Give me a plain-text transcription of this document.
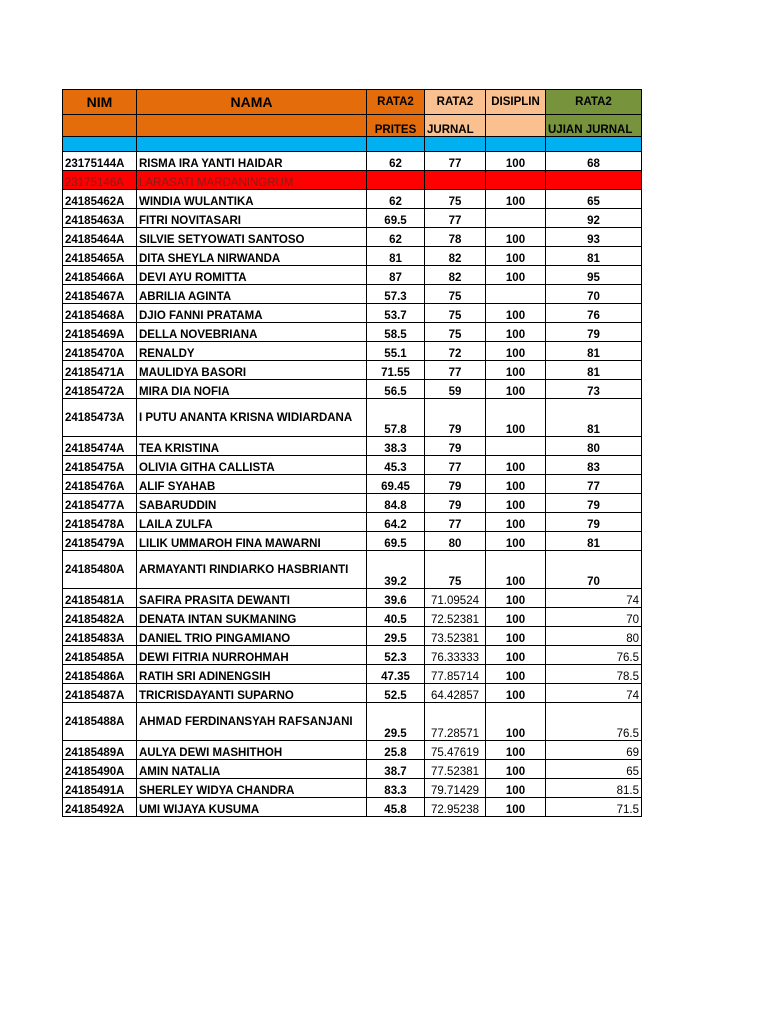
NIM	NAMA	RATA2	RATA2	DISIPLIN	RATA2
		PRITES	JURNAL		UJIAN JURNAL

23175144A	RISMA IRA YANTI HAIDAR	62	77	100	68
23175146A	LARASATI MARDANINGRUM				
24185462A	WINDIA WULANTIKA	62	75	100	65
24185463A	FITRI NOVITASARI	69.5	77		92
24185464A	SILVIE SETYOWATI SANTOSO	62	78	100	93
24185465A	DITA SHEYLA NIRWANDA	81	82	100	81
24185466A	DEVI AYU ROMITTA	87	82	100	95
24185467A	ABRILIA AGINTA	57.3	75		70
24185468A	DJIO FANNI PRATAMA	53.7	75	100	76
24185469A	DELLA NOVEBRIANA	58.5	75	100	79
24185470A	RENALDY	55.1	72	100	81
24185471A	MAULIDYA BASORI	71.55	77	100	81
24185472A	MIRA DIA NOFIA	56.5	59	100	73
24185473A	I PUTU ANANTA KRISNA WIDIARDANA	57.8	79	100	81
24185474A	TEA KRISTINA	38.3	79		80
24185475A	OLIVIA GITHA CALLISTA	45.3	77	100	83
24185476A	ALIF SYAHAB	69.45	79	100	77
24185477A	SABARUDDIN	84.8	79	100	79
24185478A	LAILA ZULFA	64.2	77	100	79
24185479A	LILIK UMMAROH FINA MAWARNI	69.5	80	100	81
24185480A	ARMAYANTI RINDIARKO HASBRIANTI	39.2	75	100	70
24185481A	SAFIRA PRASITA DEWANTI	39.6	71.09524	100	74
24185482A	DENATA INTAN SUKMANING	40.5	72.52381	100	70
24185483A	DANIEL TRIO PINGAMIANO	29.5	73.52381	100	80
24185485A	DEWI FITRIA NURROHMAH	52.3	76.33333	100	76.5
24185486A	RATIH SRI ADINENGSIH	47.35	77.85714	100	78.5
24185487A	TRICRISDAYANTI SUPARNO	52.5	64.42857	100	74
24185488A	AHMAD FERDINANSYAH RAFSANJANI	29.5	77.28571	100	76.5
24185489A	AULYA DEWI MASHITHOH	25.8	75.47619	100	69
24185490A	AMIN NATALIA	38.7	77.52381	100	65
24185491A	SHERLEY WIDYA CHANDRA	83.3	79.71429	100	81.5
24185492A	UMI WIJAYA KUSUMA	45.8	72.95238	100	71.5
